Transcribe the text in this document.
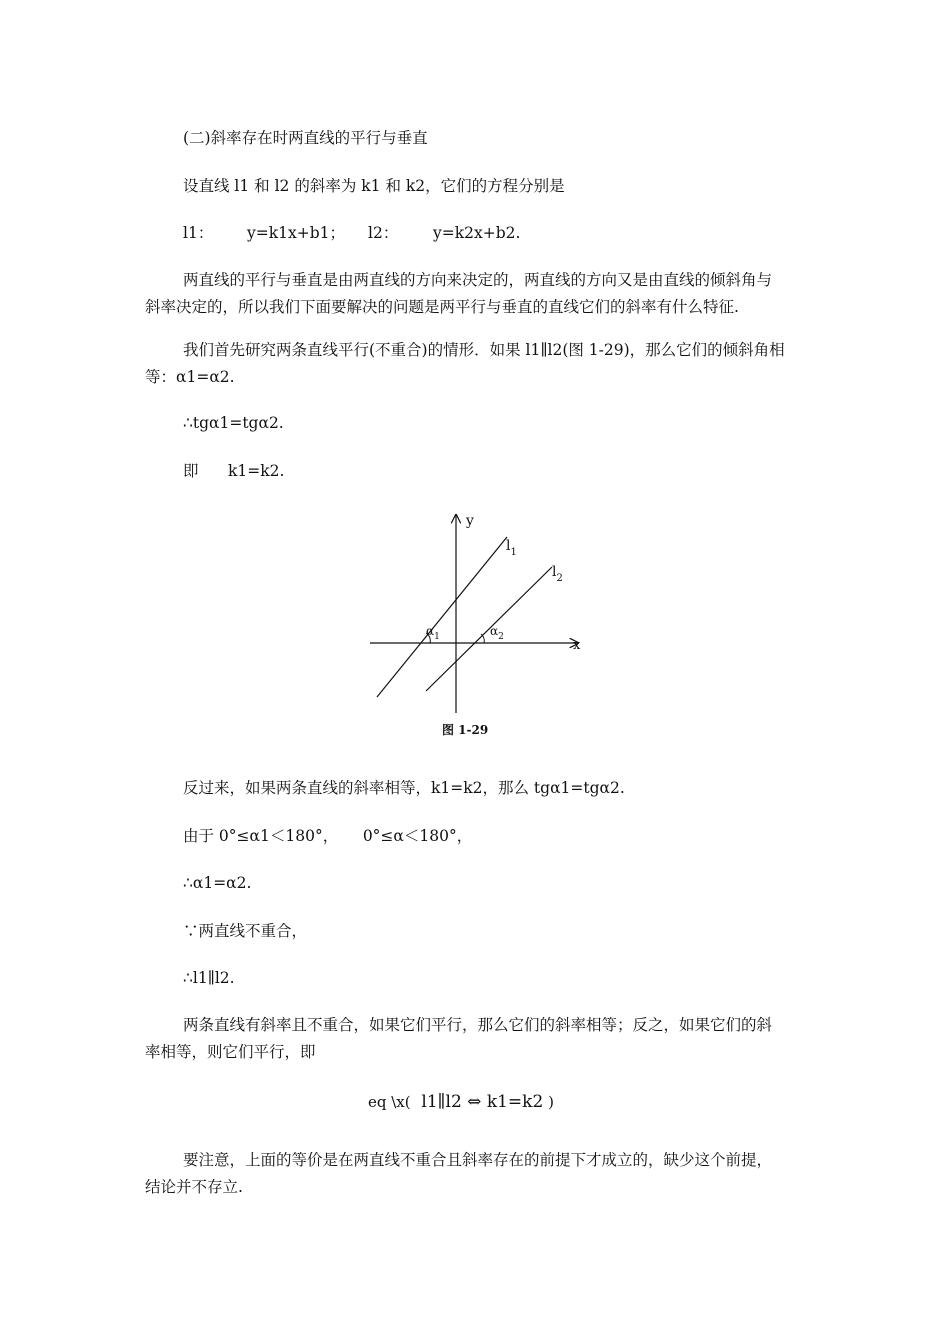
(二)斜率存在时两直线的平行与垂直

设直线 l1 和 l2 的斜率为 k1 和 k2，它们的方程分别是

l1： y=k1x+b1； l2： y=k2x+b2.

两直线的平行与垂直是由两直线的方向来决定的，两直线的方向又是由直线的倾斜角与斜率决定的，所以我们下面要解决的问题是两平行与垂直的直线它们的斜率有什么特征.

我们首先研究两条直线平行(不重合)的情形．如果 l1∥l2(图 1-29)，那么它们的倾斜角相等：α1=α2.

∴tgα1=tgα2.

即 k1=k2.
y
x
$l_1$
$l_2$
$\alpha_1$	$\alpha_2$
图 1-29

反过来，如果两条直线的斜率相等，k1=k2，那么 tgα1=tgα2.

由于 0°≤α1＜180°，     0°≤α＜180°，

∴α1=α2.

∵两直线不重合，

∴l1∥l2.

两条直线有斜率且不重合，如果它们平行，那么它们的斜率相等；反之，如果它们的斜率相等，则它们平行，即

eq \x( l1∥l2 ⇔ k1=k2 )

要注意，上面的等价是在两直线不重合且斜率存在的前提下才成立的，缺少这个前提，结论并不存立.
